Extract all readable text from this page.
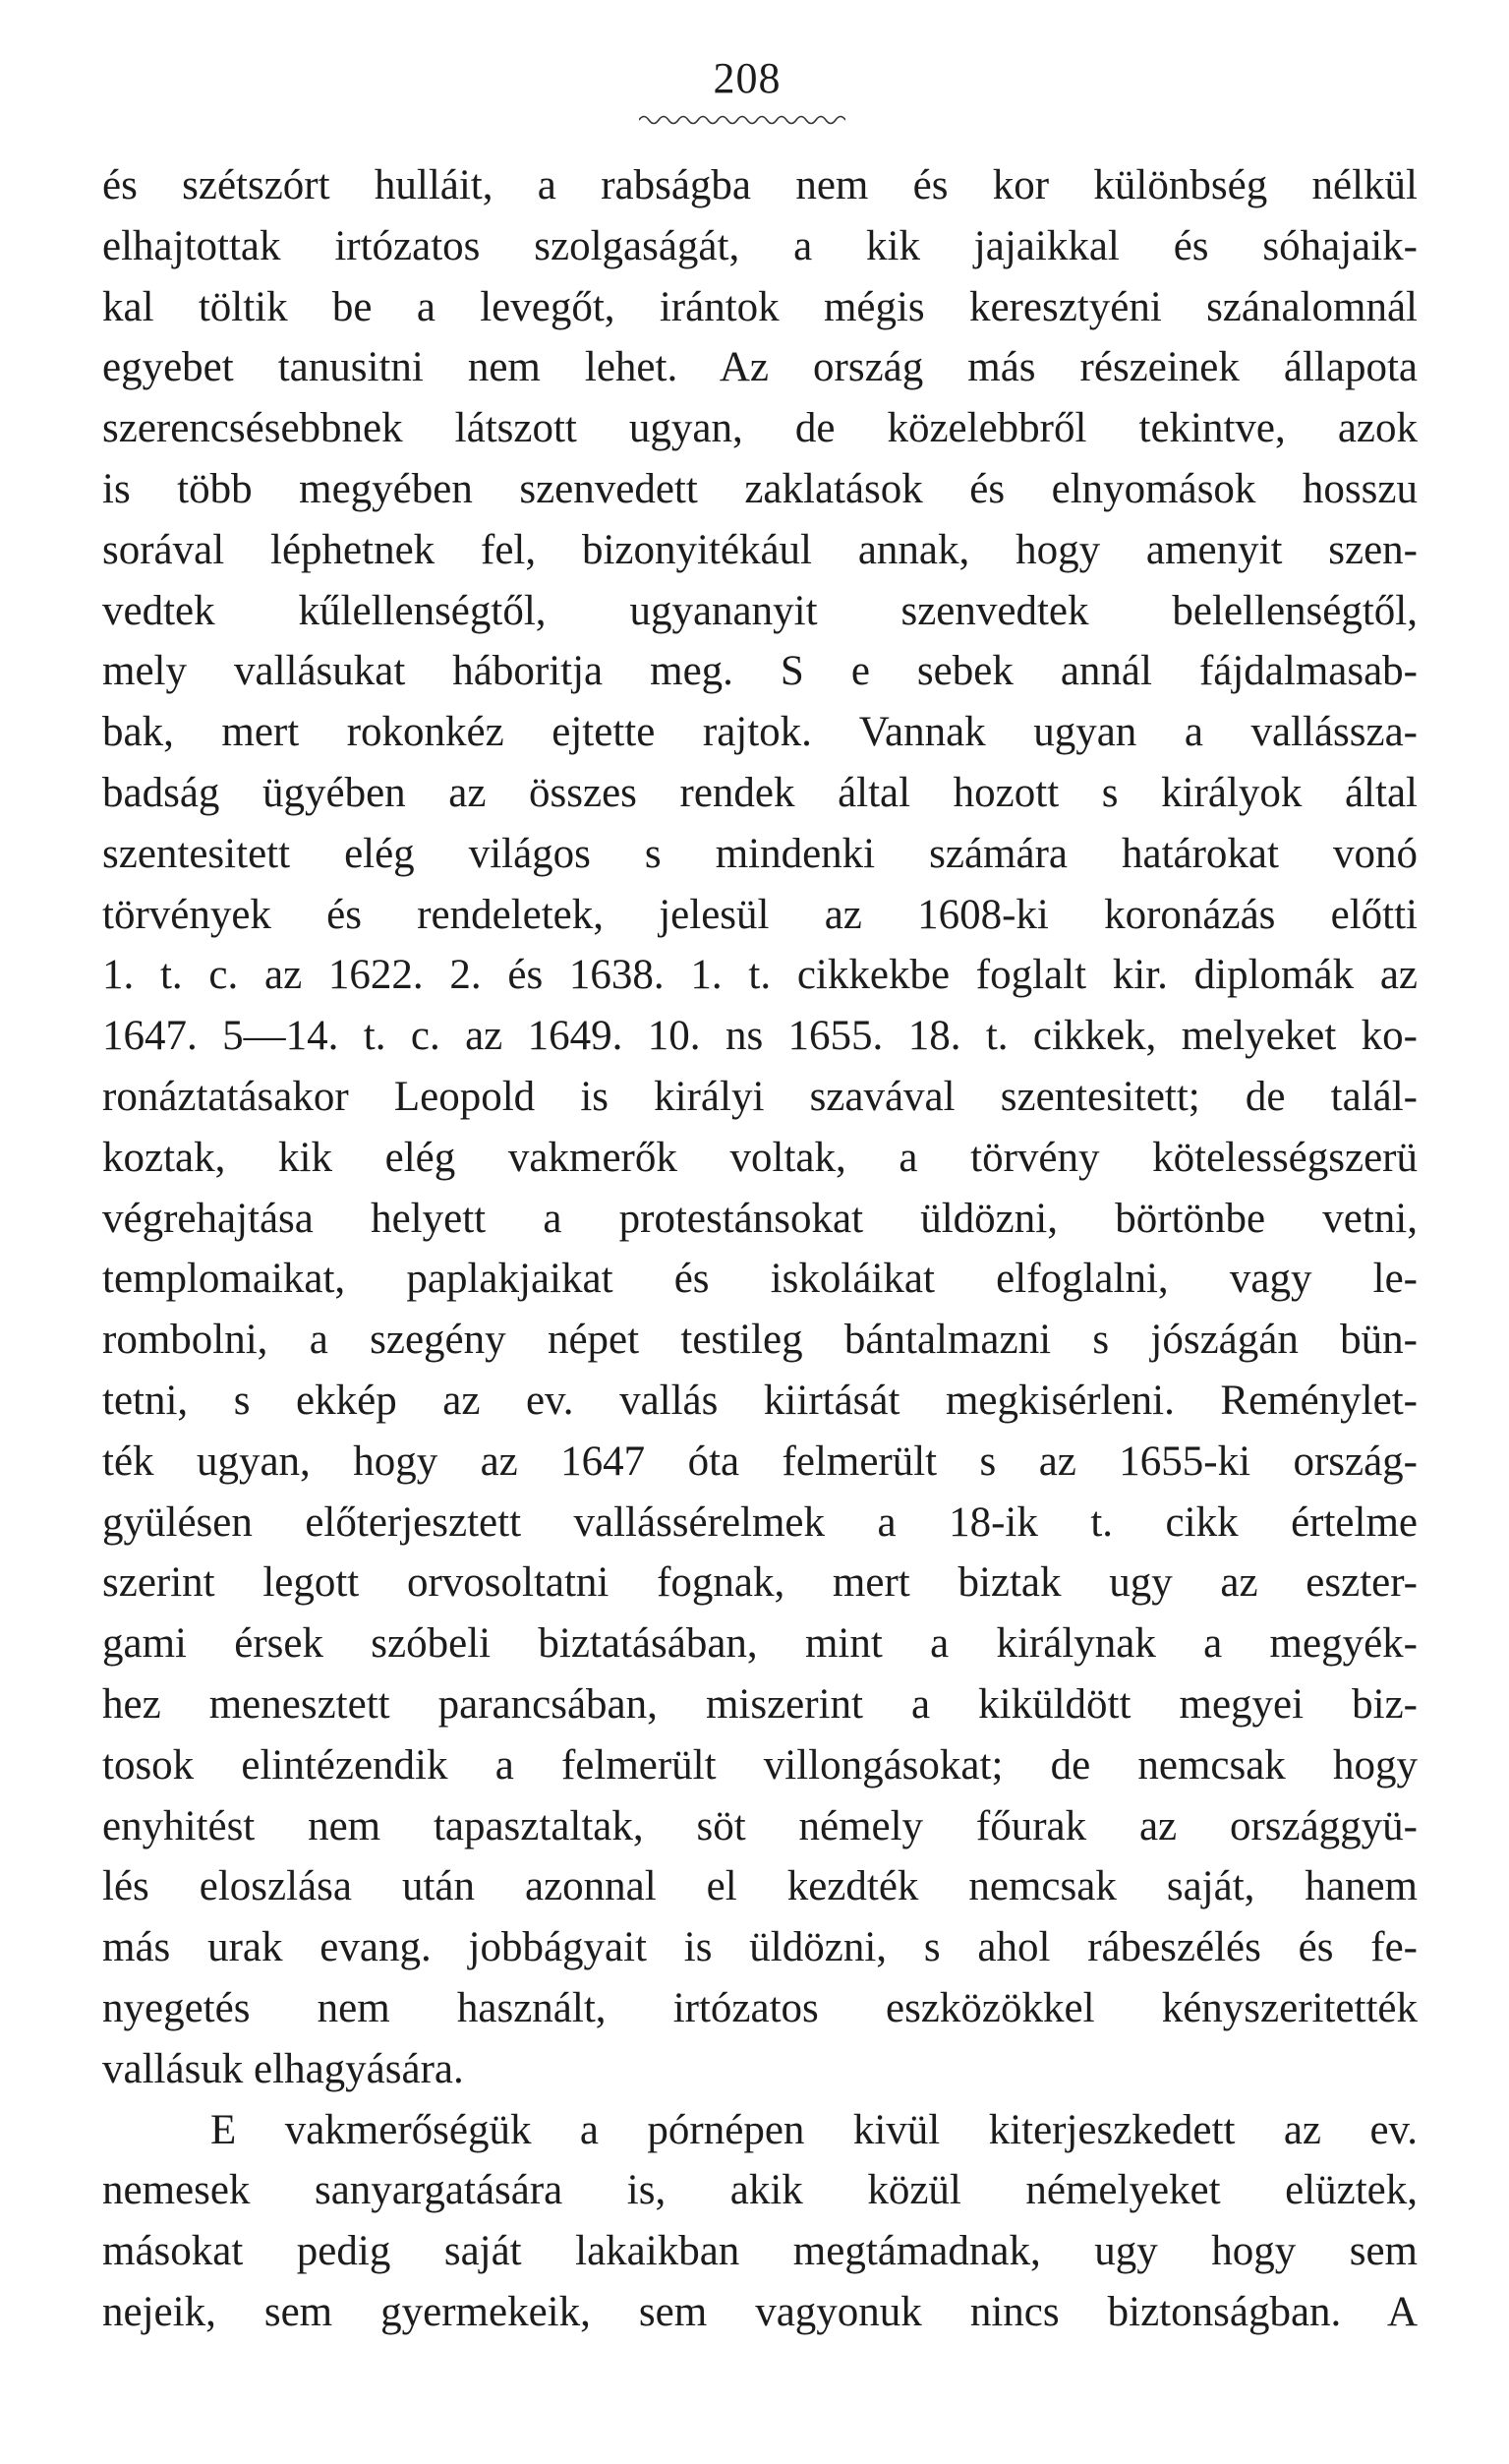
208
és szétszórt hulláit, a rabságba nem és kor különbség nélkül
elhajtottak irtózatos szolgaságát, a kik jajaikkal és sóhajaik-
kal töltik be a levegőt, irántok mégis keresztyéni szánalomnál
egyebet tanusitni nem lehet. Az ország más részeinek állapota
szerencsésebbnek látszott ugyan, de közelebbről tekintve, azok
is több megyében szenvedett zaklatások és elnyomások hosszu
sorával léphetnek fel, bizonyitékául annak, hogy amenyit szen-
vedtek kűlellenségtől, ugyananyit szenvedtek belellenségtől,
mely vallásukat háboritja meg. S e sebek annál fájdalmasab-
bak, mert rokonkéz ejtette rajtok. Vannak ugyan a vallássza-
badság ügyében az összes rendek által hozott s királyok által
szentesitett elég világos s mindenki számára határokat vonó
törvények és rendeletek, jelesül az 1608-ki koronázás előtti
1. t. c. az 1622. 2. és 1638. 1. t. cikkekbe foglalt kir. diplomák az
1647. 5—14. t. c. az 1649. 10. ns 1655. 18. t. cikkek, melyeket ko-
ronáztatásakor Leopold is királyi szavával szentesitett; de talál-
koztak, kik elég vakmerők voltak, a törvény kötelességszerü
végrehajtása helyett a protestánsokat üldözni, börtönbe vetni,
templomaikat, paplakjaikat és iskoláikat elfoglalni, vagy le-
rombolni, a szegény népet testileg bántalmazni s jószágán bün-
tetni, s ekkép az ev. vallás kiirtását megkisérleni. Reménylet-
ték ugyan, hogy az 1647 óta felmerült s az 1655-ki ország-
gyülésen előterjesztett vallássérelmek a 18-ik t. cikk értelme
szerint legott orvosoltatni fognak, mert biztak ugy az eszter-
gami érsek szóbeli biztatásában, mint a királynak a megyék-
hez menesztett parancsában, miszerint a kiküldött megyei biz-
tosok elintézendik a felmerült villongásokat; de nemcsak hogy
enyhitést nem tapasztaltak, söt némely főurak az országgyü-
lés eloszlása után azonnal el kezdték nemcsak saját, hanem
más urak evang. jobbágyait is üldözni, s ahol rábeszélés és fe-
nyegetés nem használt, irtózatos eszközökkel kényszeritették
vallásuk elhagyására.
E vakmerőségük a pórnépen kivül kiterjeszkedett az ev.
nemesek sanyargatására is, akik közül némelyeket elüztek,
másokat pedig saját lakaikban megtámadnak, ugy hogy sem
nejeik, sem gyermekeik, sem vagyonuk nincs biztonságban. A
